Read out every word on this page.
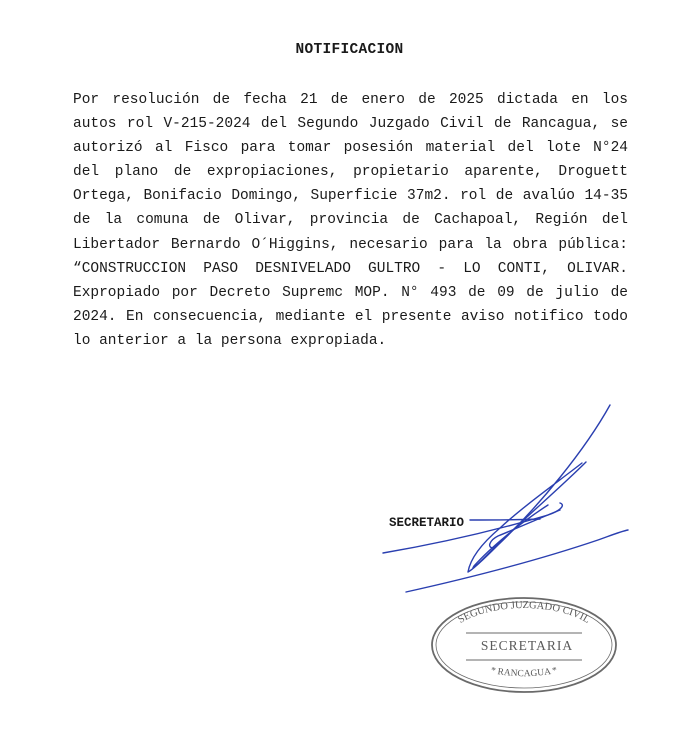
NOTIFICACION
Por resolución de fecha 21 de enero de 2025 dictada en los autos rol V-215-2024 del Segundo Juzgado Civil de Rancagua, se autorizó al Fisco para tomar posesión material del lote N°24 del plano de expropiaciones, propietario aparente, Droguett Ortega, Bonifacio Domingo, Superficie 37m2. rol de avalúo 14-35 de la comuna de Olivar, provincia de Cachapoal, Región del Libertador Bernardo O´Higgins, necesario para la obra pública: “CONSTRUCCION PASO DESNIVELADO GULTRO - LO CONTI, OLIVAR. Expropiado por Decreto Supremc MOP. N° 493 de 09 de julio de 2024. En consecuencia, mediante el presente aviso notifico todo lo anterior a la persona expropiada.
SECRETARIO
SEGUNDO JUZGADO CIVIL
SECRETARIA
* RANCAGUA *
